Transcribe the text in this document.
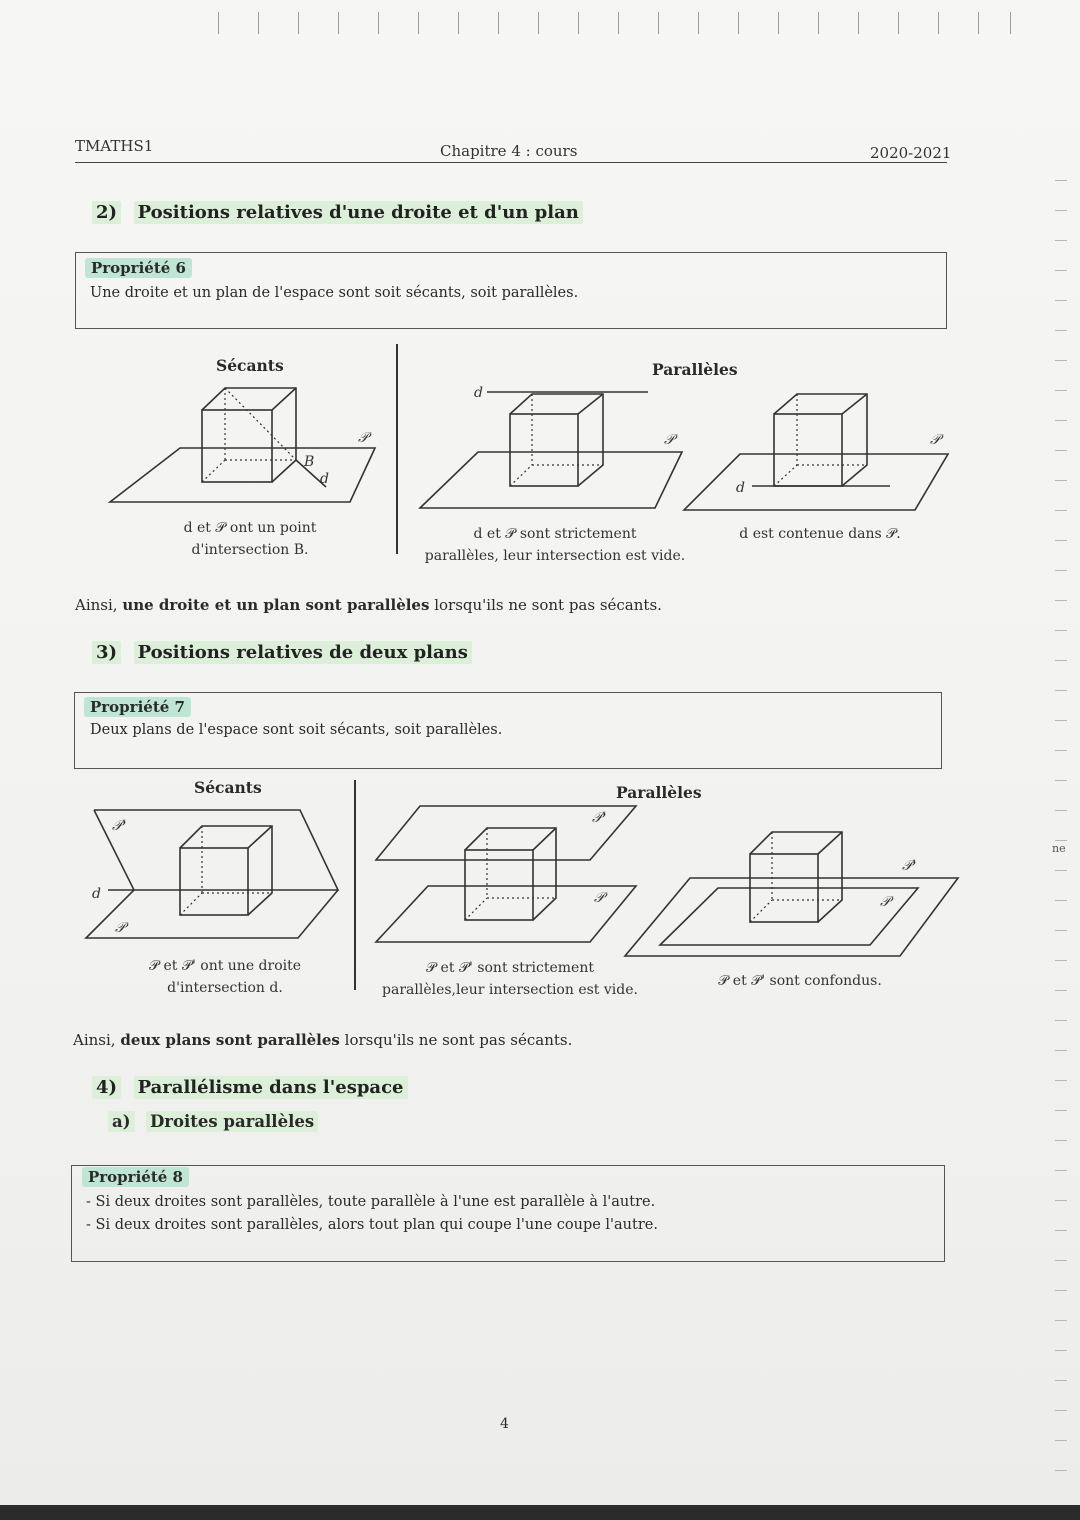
ne
TMATHS1	Chapitre 4 : cours	2020-2021
2) Positions relatives d'une droite et d'un plan
Propriété 6
Une droite et un plan de l'espace sont soit sécants, soit parallèles.
Sécants	Parallèles
B
d
𝒫
d
𝒫
d
𝒫
d et 𝒫 ont un point
d'intersection B.
d et 𝒫 sont strictement
parallèles, leur intersection est vide.
d est contenue dans 𝒫.
Ainsi, une droite et un plan sont parallèles lorsqu'ils ne sont pas sécants.
3) Positions relatives de deux plans
Propriété 7
Deux plans de l'espace sont soit sécants, soit parallèles.
Sécants	Parallèles
𝒫'
𝒫
d
𝒫'
𝒫
𝒫'
𝒫
𝒫 et 𝒫' ont une droite
d'intersection d.
𝒫 et 𝒫' sont strictement
parallèles,leur intersection est vide.
𝒫 et 𝒫' sont confondus.
Ainsi, deux plans sont parallèles lorsqu'ils ne sont pas sécants.
4) Parallélisme dans l'espace
a) Droites parallèles
Propriété 8
- Si deux droites sont parallèles, toute parallèle à l'une est parallèle à l'autre.
- Si deux droites sont parallèles, alors tout plan qui coupe l'une coupe l'autre.
4
